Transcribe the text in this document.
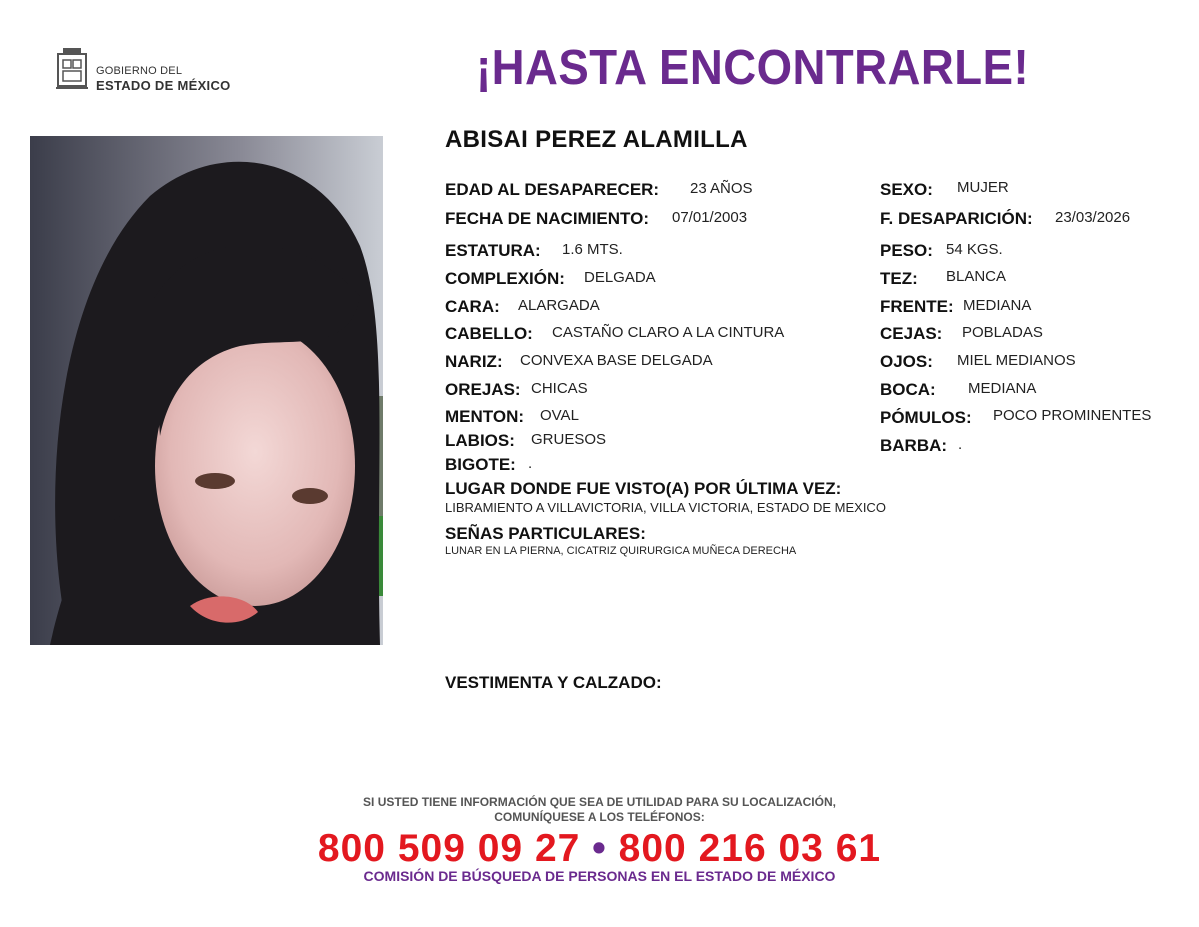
GOBIERNO DEL
ESTADO DE MÉXICO	¡HASTA ENCONTRARLE!
ABISAI PEREZ ALAMILLA
EDAD AL DESAPARECER: 23 AÑOS
FECHA DE NACIMIENTO: 07/01/2003
ESTATURA: 1.6 MTS.
COMPLEXIÓN: DELGADA
CARA: ALARGADA
CABELLO: CASTAÑO CLARO A LA CINTURA
NARIZ: CONVEXA BASE DELGADA
OREJAS: CHICAS
MENTON: OVAL
LABIOS: GRUESOS
BIGOTE: .
SEXO: MUJER
F. DESAPARICIÓN: 23/03/2026
PESO: 54 KGS.
TEZ: BLANCA
FRENTE: MEDIANA
CEJAS: POBLADAS
OJOS: MIEL MEDIANOS
BOCA: MEDIANA
PÓMULOS: POCO PROMINENTES
BARBA: .
LUGAR DONDE FUE VISTO(A) POR ÚLTIMA VEZ:
LIBRAMIENTO A VILLAVICTORIA, VILLA VICTORIA, ESTADO DE MEXICO
SEÑAS PARTICULARES:
LUNAR EN LA PIERNA, CICATRIZ QUIRURGICA MUÑECA DERECHA
VESTIMENTA Y CALZADO:
SI USTED TIENE INFORMACIÓN QUE SEA DE UTILIDAD PARA SU LOCALIZACIÓN,
COMUNÍQUESE A LOS TELÉFONOS:
800 509 09 27 • 800 216 03 61
COMISIÓN DE BÚSQUEDA DE PERSONAS EN EL ESTADO DE MÉXICO
